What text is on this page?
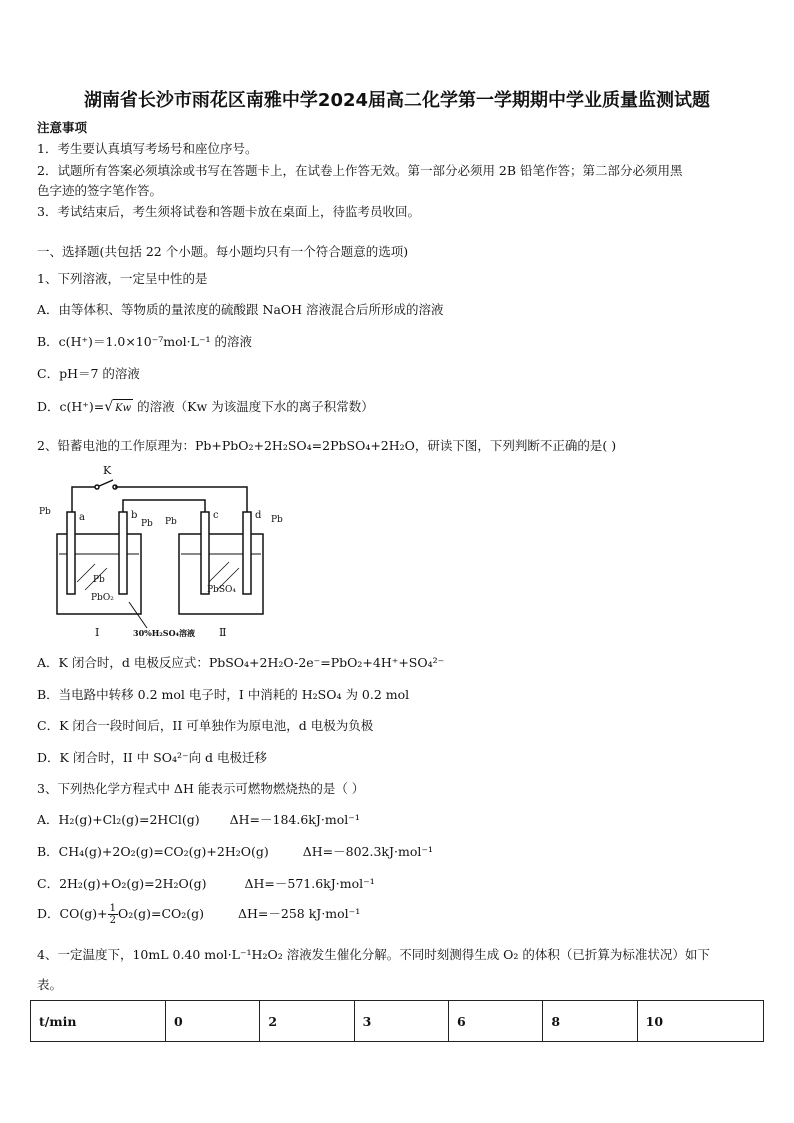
湖南省长沙市雨花区南雅中学2024届高二化学第一学期期中学业质量监测试题
注意事项
1．考生要认真填写考场号和座位序号。
2．试题所有答案必须填涂或书写在答题卡上，在试卷上作答无效。第一部分必须用 2B 铅笔作答；第二部分必须用黑
色字迹的签字笔作答。
3．考试结束后，考生须将试卷和答题卡放在桌面上，待监考员收回。
一、选择题(共包括 22 个小题。每小题均只有一个符合题意的选项)
1、下列溶液，一定呈中性的是
A．由等体积、等物质的量浓度的硫酸跟 NaOH 溶液混合后所形成的溶液
B．c(H⁺)＝1.0×10⁻⁷mol·L⁻¹ 的溶液
C．pH＝7 的溶液
D．c(H⁺)=√ Kw 的溶液（Kw 为该温度下水的离子积常数）
2、铅蓄电池的工作原理为：Pb+PbO₂+2H₂SO₄=2PbSO₄+2H₂O，研读下图，下列判断不正确的是( )
K
Pb	a	b
Pb Pb
c	d Pb
Pb
PbO₂
PbSO₄
Ⅰ	30%H₂SO₄溶液 Ⅱ
A．K 闭合时，d 电极反应式：PbSO₄+2H₂O-2e⁻=PbO₂+4H⁺+SO₄²⁻
B．当电路中转移 0.2 mol 电子时，I 中消耗的 H₂SO₄ 为 0.2 mol
C．K 闭合一段时间后，II 可单独作为原电池，d 电极为负极
D．K 闭合时，II 中 SO₄²⁻向 d 电极迁移
3、下列热化学方程式中 ΔH 能表示可燃物燃烧热的是（ ）
A．H₂(g)+Cl₂(g)=2HCl(g) ΔH=－184.6kJ·mol⁻¹
B．CH₄(g)+2O₂(g)=CO₂(g)+2H₂O(g)	ΔH=－802.3kJ·mol⁻¹
C．2H₂(g)+O₂(g)=2H₂O(g)	ΔH=－571.6kJ·mol⁻¹
D．$CO(g)+ \frac{1}{2}O_2(g)=CO_2(g)$	ΔH=－258 kJ·mol⁻¹
4、一定温度下，10mL 0.40 mol·L⁻¹H₂O₂ 溶液发生催化分解。不同时刻测得生成 O₂ 的体积（已折算为标准状况）如下
表。
t/min	0	2	3	6	8	10
